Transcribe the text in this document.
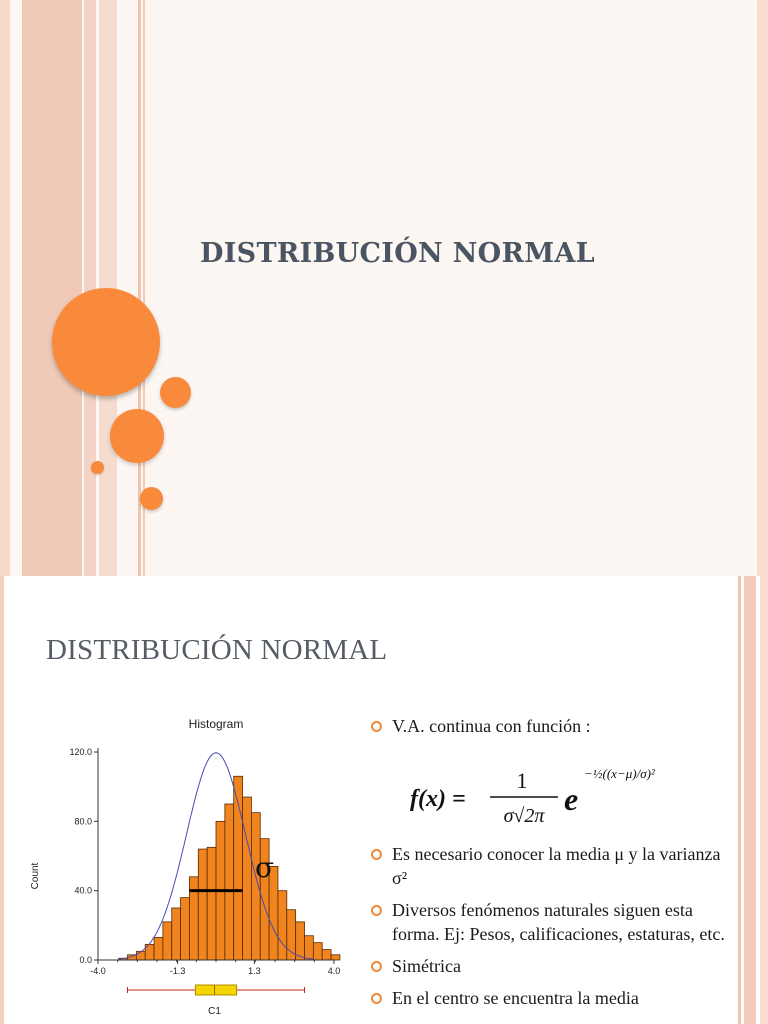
DISTRIBUCIÓN NORMAL
DISTRIBUCIÓN NORMAL
Histogram
0.0
40.0
80.0
120.0
-4.0	-1.3	1.3	4.0
Count
C1
σ
V.A. continua con función :
f(x) =
1
σ√2π e
−½((x−μ)/σ)²
Es necesario conocer la media μ y la varianza σ²
Diversos fenómenos naturales siguen esta forma. Ej: Pesos, calificaciones, estaturas, etc.
Simétrica
En el centro se encuentra la media
